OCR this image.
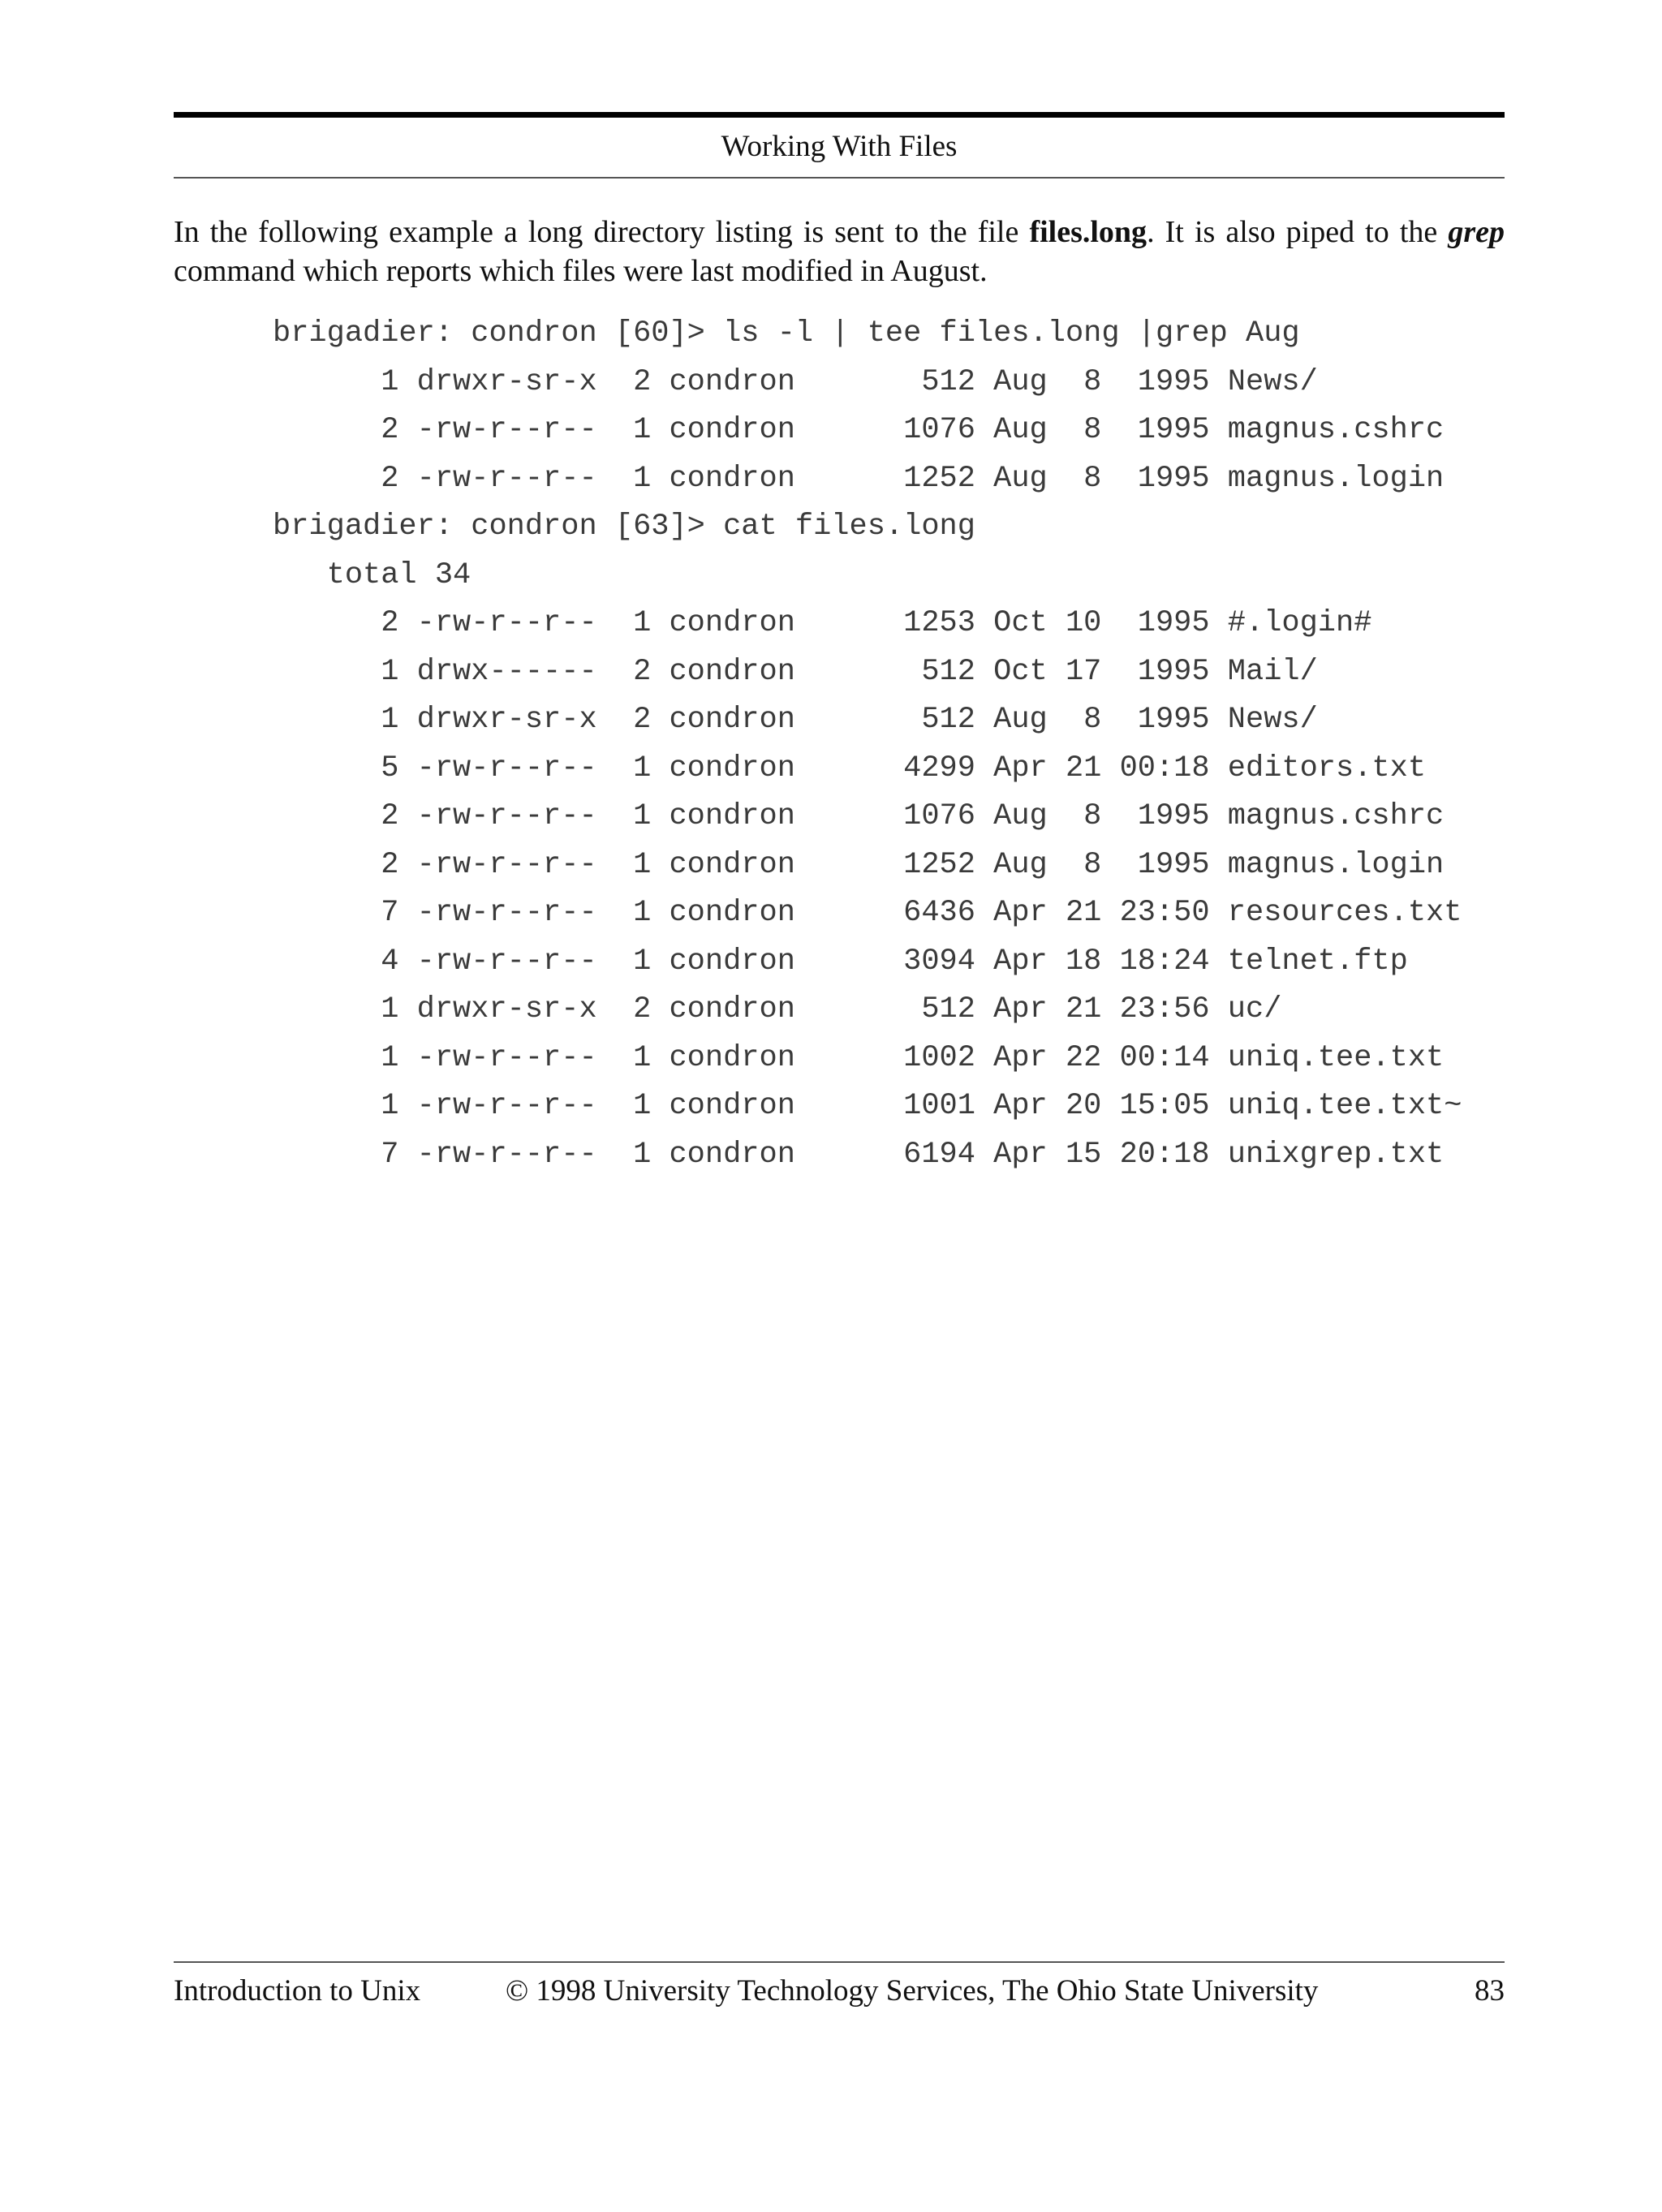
Working With Files
In the following example a long directory listing is sent to the file files.long. It is also piped to the grep command which reports which files were last modified in August.
brigadier: condron [60]> ls -l | tee files.long |grep Aug
1 drwxr-sr-x  2 condron       512 Aug  8  1995 News/
2 -rw-r--r--  1 condron      1076 Aug  8  1995 magnus.cshrc
2 -rw-r--r--  1 condron      1252 Aug  8  1995 magnus.login
brigadier: condron [63]> cat files.long
total 34
2 -rw-r--r--  1 condron      1253 Oct 10  1995 #.login#
1 drwx------  2 condron       512 Oct 17  1995 Mail/
1 drwxr-sr-x  2 condron       512 Aug  8  1995 News/
5 -rw-r--r--  1 condron      4299 Apr 21 00:18 editors.txt
2 -rw-r--r--  1 condron      1076 Aug  8  1995 magnus.cshrc
2 -rw-r--r--  1 condron      1252 Aug  8  1995 magnus.login
7 -rw-r--r--  1 condron      6436 Apr 21 23:50 resources.txt
4 -rw-r--r--  1 condron      3094 Apr 18 18:24 telnet.ftp
1 drwxr-sr-x  2 condron       512 Apr 21 23:56 uc/
1 -rw-r--r--  1 condron      1002 Apr 22 00:14 uniq.tee.txt
1 -rw-r--r--  1 condron      1001 Apr 20 15:05 uniq.tee.txt~
7 -rw-r--r--  1 condron      6194 Apr 15 20:18 unixgrep.txt
Introduction to Unix	© 1998 University Technology Services, The Ohio State University	83
